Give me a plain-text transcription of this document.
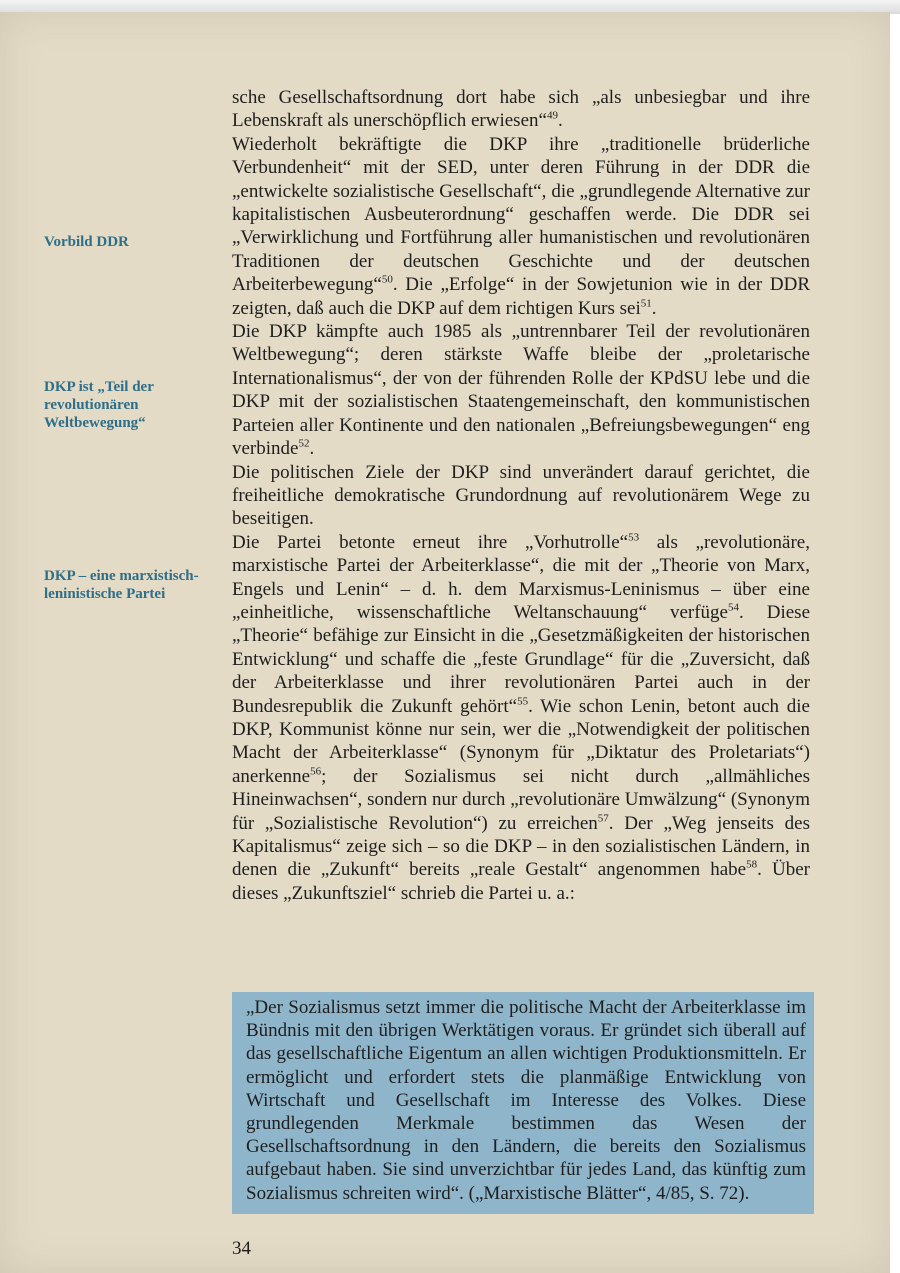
Vorbild DDR
DKP ist „Teil der revolutionären Weltbewegung“
DKP – eine marxistisch-leninistische Partei

sche Gesellschaftsordnung dort habe sich „als unbesiegbar und ihre Lebenskraft als unerschöpflich erwiesen“$^{49}$.

Wiederholt bekräftigte die DKP ihre „traditionelle brüderliche Verbundenheit“ mit der SED, unter deren Führung in der DDR die „entwickelte sozialistische Gesellschaft“, die „grundlegende Alternative zur kapitalistischen Ausbeuterordnung“ geschaffen werde. Die DDR sei „Verwirklichung und Fortführung aller humanistischen und revolutionären Traditionen der deutschen Geschichte und der deutschen Arbeiterbewegung“$^{50}$. Die „Erfolge“ in der Sowjetunion wie in der DDR zeigten, daß auch die DKP auf dem richtigen Kurs sei$^{51}$.

Die DKP kämpfte auch 1985 als „untrennbarer Teil der revolutionären Weltbewegung“; deren stärkste Waffe bleibe der „proletarische Internationalismus“, der von der führenden Rolle der KPdSU lebe und die DKP mit der sozialistischen Staatengemeinschaft, den kommunistischen Parteien aller Kontinente und den nationalen „Befreiungsbewegungen“ eng verbinde$^{52}$.

Die politischen Ziele der DKP sind unverändert darauf gerichtet, die freiheitliche demokratische Grundordnung auf revolutionärem Wege zu beseitigen.

Die Partei betonte erneut ihre „Vorhutrolle“$^{53}$ als „revolutionäre, marxistische Partei der Arbeiterklasse“, die mit der „Theorie von Marx, Engels und Lenin“ – d. h. dem Marxismus-Leninismus – über eine „einheitliche, wissenschaftliche Weltanschauung“ verfüge$^{54}$. Diese „Theorie“ befähige zur Einsicht in die „Gesetzmäßigkeiten der historischen Entwicklung“ und schaffe die „feste Grundlage“ für die „Zuversicht, daß der Arbeiterklasse und ihrer revolutionären Partei auch in der Bundesrepublik die Zukunft gehört“$^{55}$. Wie schon Lenin, betont auch die DKP, Kommunist könne nur sein, wer die „Notwendigkeit der politischen Macht der Arbeiterklasse“ (Synonym für „Diktatur des Proletariats“) anerkenne$^{56}$; der Sozialismus sei nicht durch „allmähliches Hineinwachsen“, sondern nur durch „revolutionäre Umwälzung“ (Synonym für „Sozialistische Revolution“) zu erreichen$^{57}$. Der „Weg jenseits des Kapitalismus“ zeige sich – so die DKP – in den sozialistischen Ländern, in denen die „Zukunft“ bereits „reale Gestalt“ angenommen habe$^{58}$. Über dieses „Zukunftsziel“ schrieb die Partei u. a.:

„Der Sozialismus setzt immer die politische Macht der Arbeiterklasse im Bündnis mit den übrigen Werktätigen voraus. Er gründet sich überall auf das gesellschaftliche Eigentum an allen wichtigen Produktionsmitteln. Er ermöglicht und erfordert stets die planmäßige Entwicklung von Wirtschaft und Gesellschaft im Interesse des Volkes. Diese grundlegenden Merkmale bestimmen das Wesen der Gesellschaftsordnung in den Ländern, die bereits den Sozialismus aufgebaut haben. Sie sind unverzichtbar für jedes Land, das künftig zum Sozialismus schreiten wird“. („Marxistische Blätter“, 4/85, S. 72).
34
